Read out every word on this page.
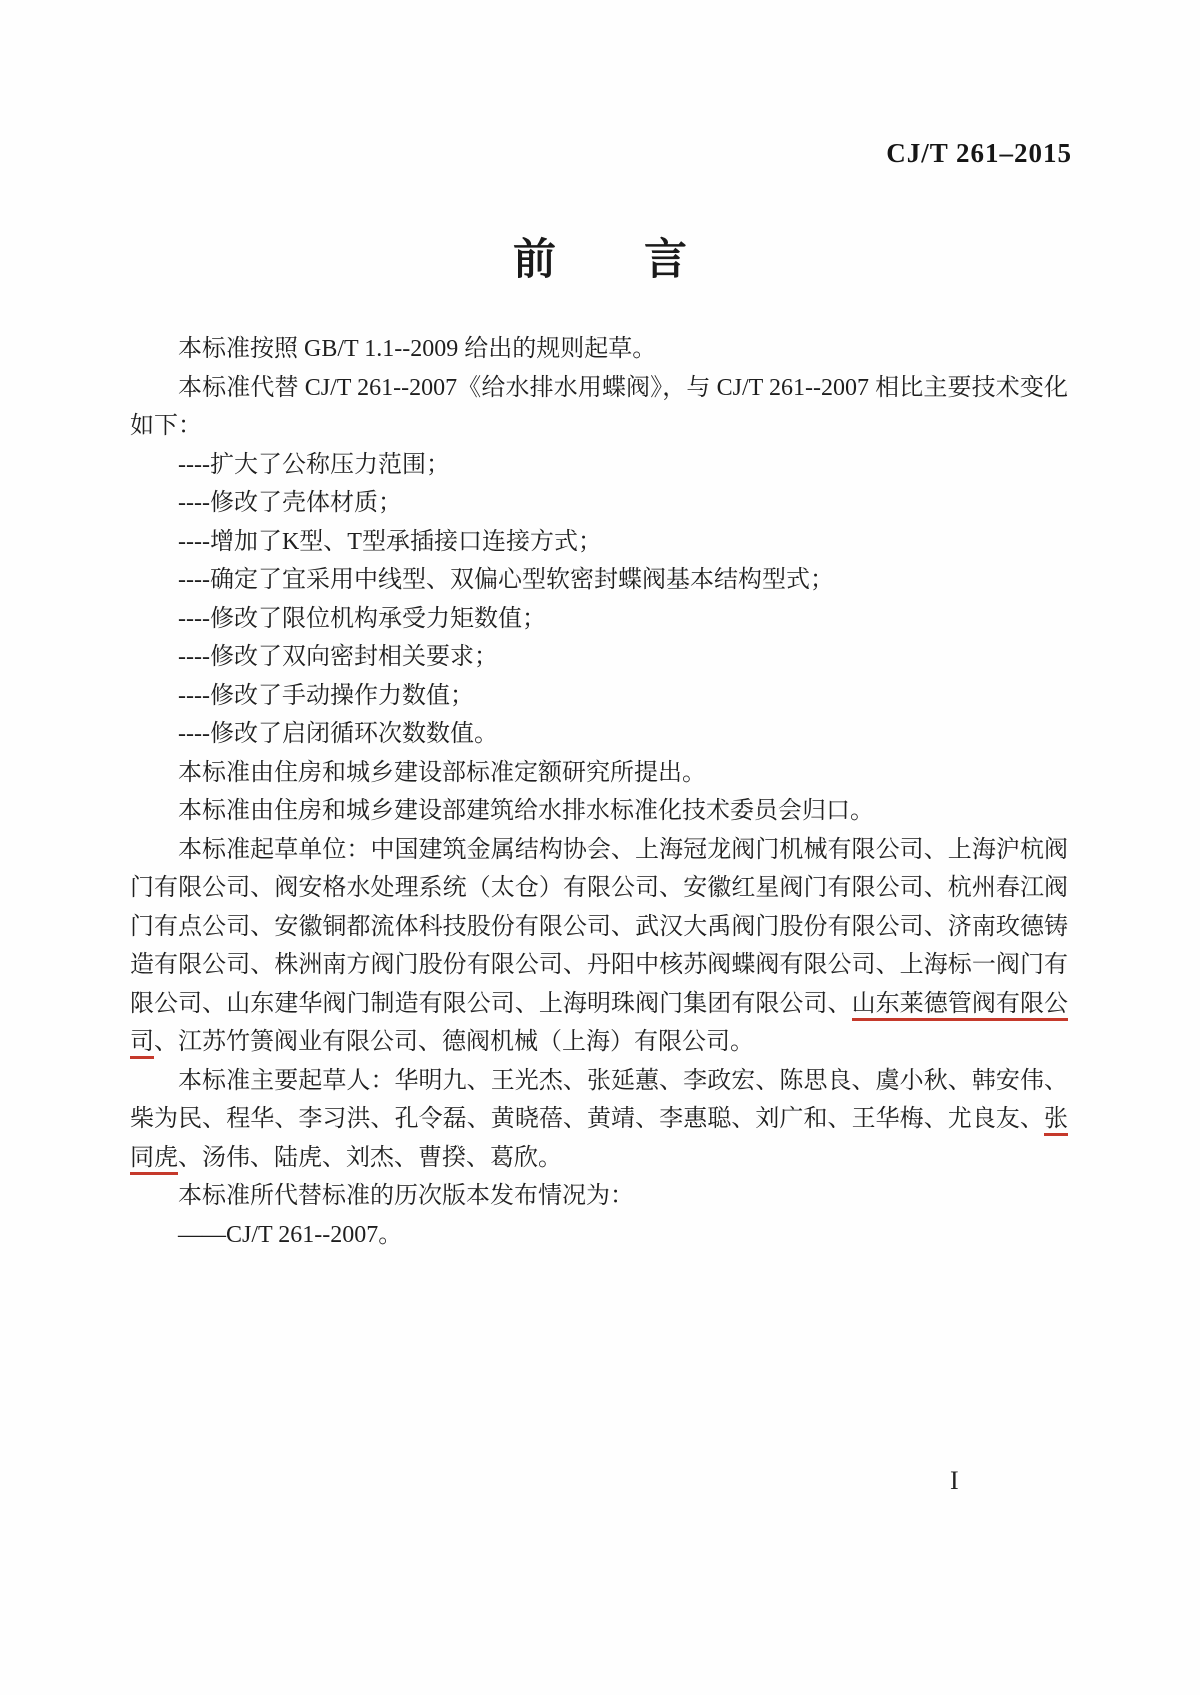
CJ/T 261–2015
前 言

本标准按照 GB/T 1.1--2009 给出的规则起草。

本标准代替 CJ/T 261--2007《给水排水用蝶阀》，与 CJ/T 261--2007 相比主要技术变化如下：

----扩大了公称压力范围；

----修改了壳体材质；

----增加了K型、T型承插接口连接方式；

----确定了宜采用中线型、双偏心型软密封蝶阀基本结构型式；

----修改了限位机构承受力矩数值；

----修改了双向密封相关要求；

----修改了手动操作力数值；

----修改了启闭循环次数数值。

本标准由住房和城乡建设部标准定额研究所提出。

本标准由住房和城乡建设部建筑给水排水标准化技术委员会归口。

本标准起草单位：中国建筑金属结构协会、上海冠龙阀门机械有限公司、上海沪杭阀门有限公司、阀安格水处理系统（太仓）有限公司、安徽红星阀门有限公司、杭州春江阀门有点公司、安徽铜都流体科技股份有限公司、武汉大禹阀门股份有限公司、济南玫德铸造有限公司、株洲南方阀门股份有限公司、丹阳中核苏阀蝶阀有限公司、上海标一阀门有限公司、山东建华阀门制造有限公司、上海明珠阀门集团有限公司、山东莱德管阀有限公司、江苏竹箦阀业有限公司、德阀机械（上海）有限公司。

本标准主要起草人：华明九、王光杰、张延蕙、李政宏、陈思良、虞小秋、韩安伟、柴为民、程华、李习洪、孔令磊、黄晓蓓、黄靖、李惠聪、刘广和、王华梅、尤良友、张同虎、汤伟、陆虎、刘杰、曹揆、葛欣。

本标准所代替标准的历次版本发布情况为：

——CJ/T 261--2007。

I
